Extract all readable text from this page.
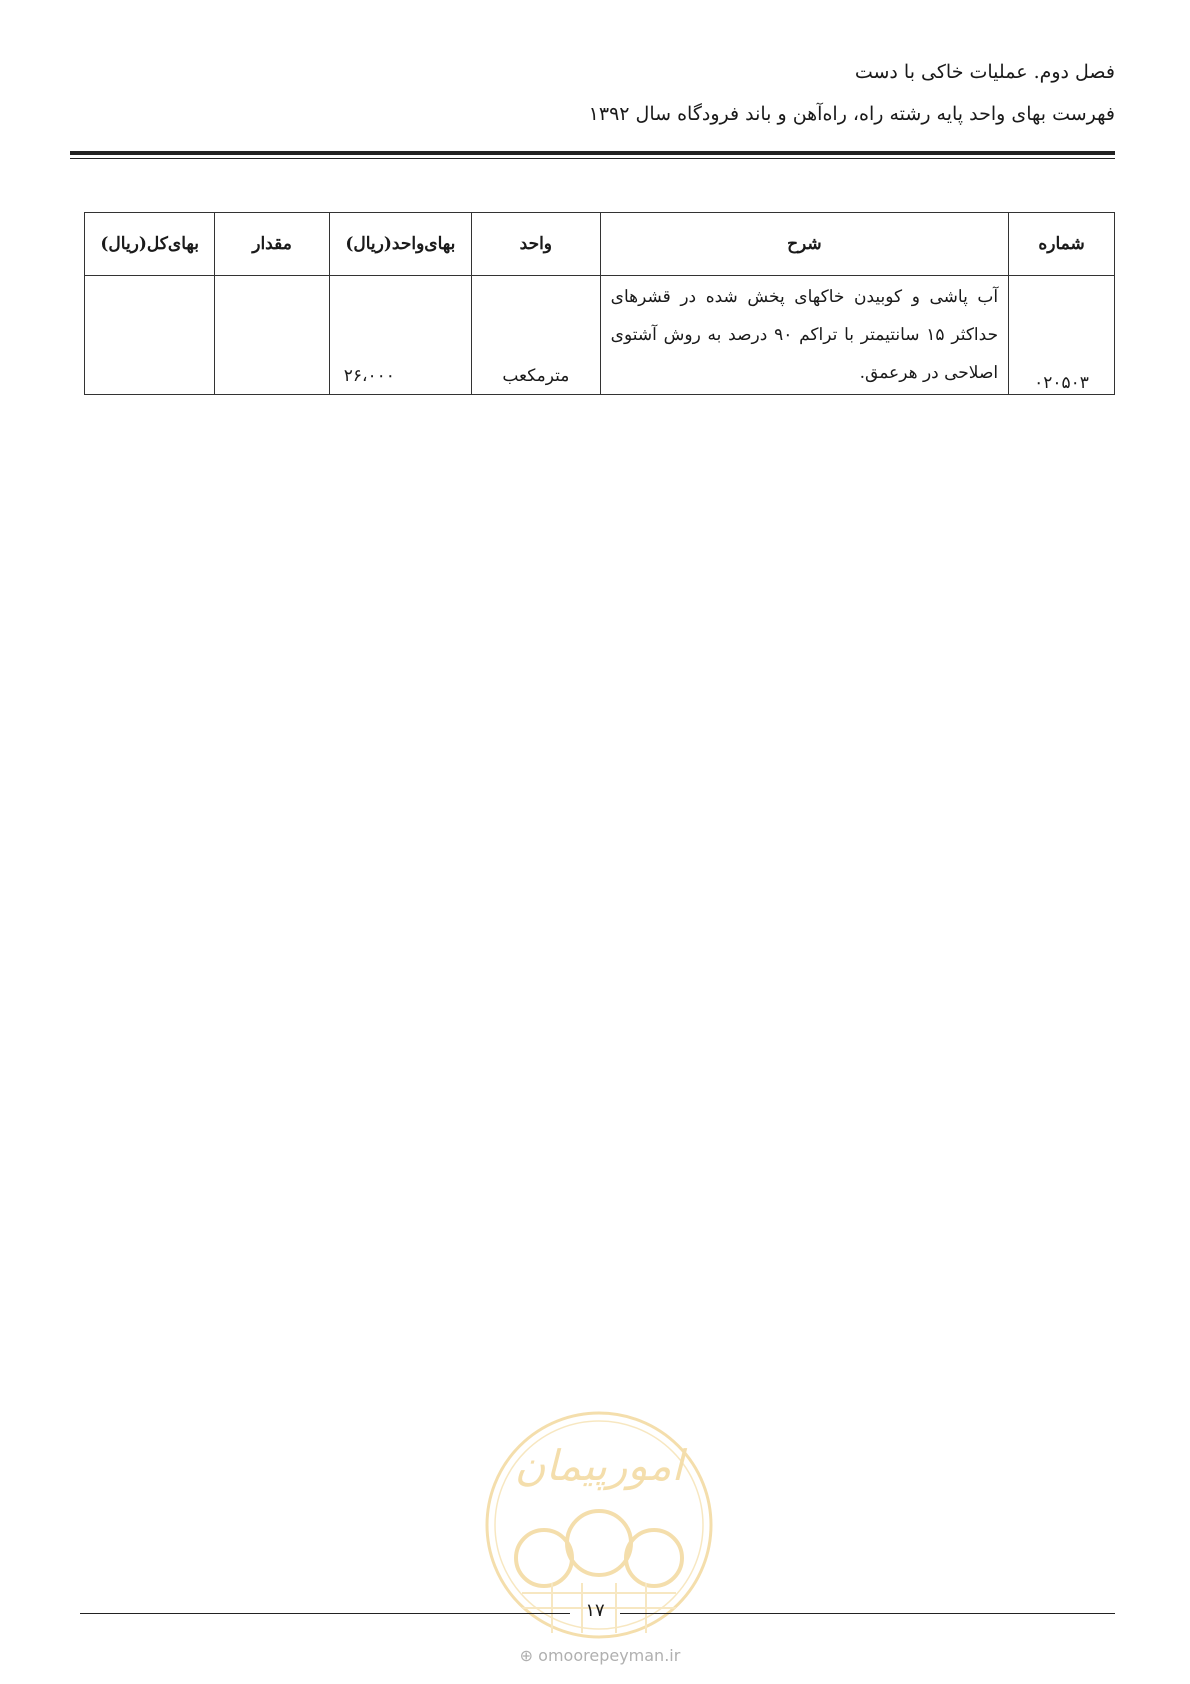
فصل دوم. عملیات خاکی با دست
فهرست بهای واحد پایه رشته راه، راه‌آهن و باند فرودگاه سال ۱۳۹۲
شماره	شرح	واحد	بهای‌واحد(ریال)	مقدار	بهای‌کل(ریال)
۰۲۰۵۰۳	آب پاشی و کوبیدن خاکهای پخش شده در قشرهای حداکثر ۱۵ سانتیمتر با تراکم ۹۰ درصد به روش آشتوی اصلاحی در هرعمق.	مترمکعب	۲۶،۰۰۰		
امورپیمان
۱۷
⊕ omoorepeyman.ir
